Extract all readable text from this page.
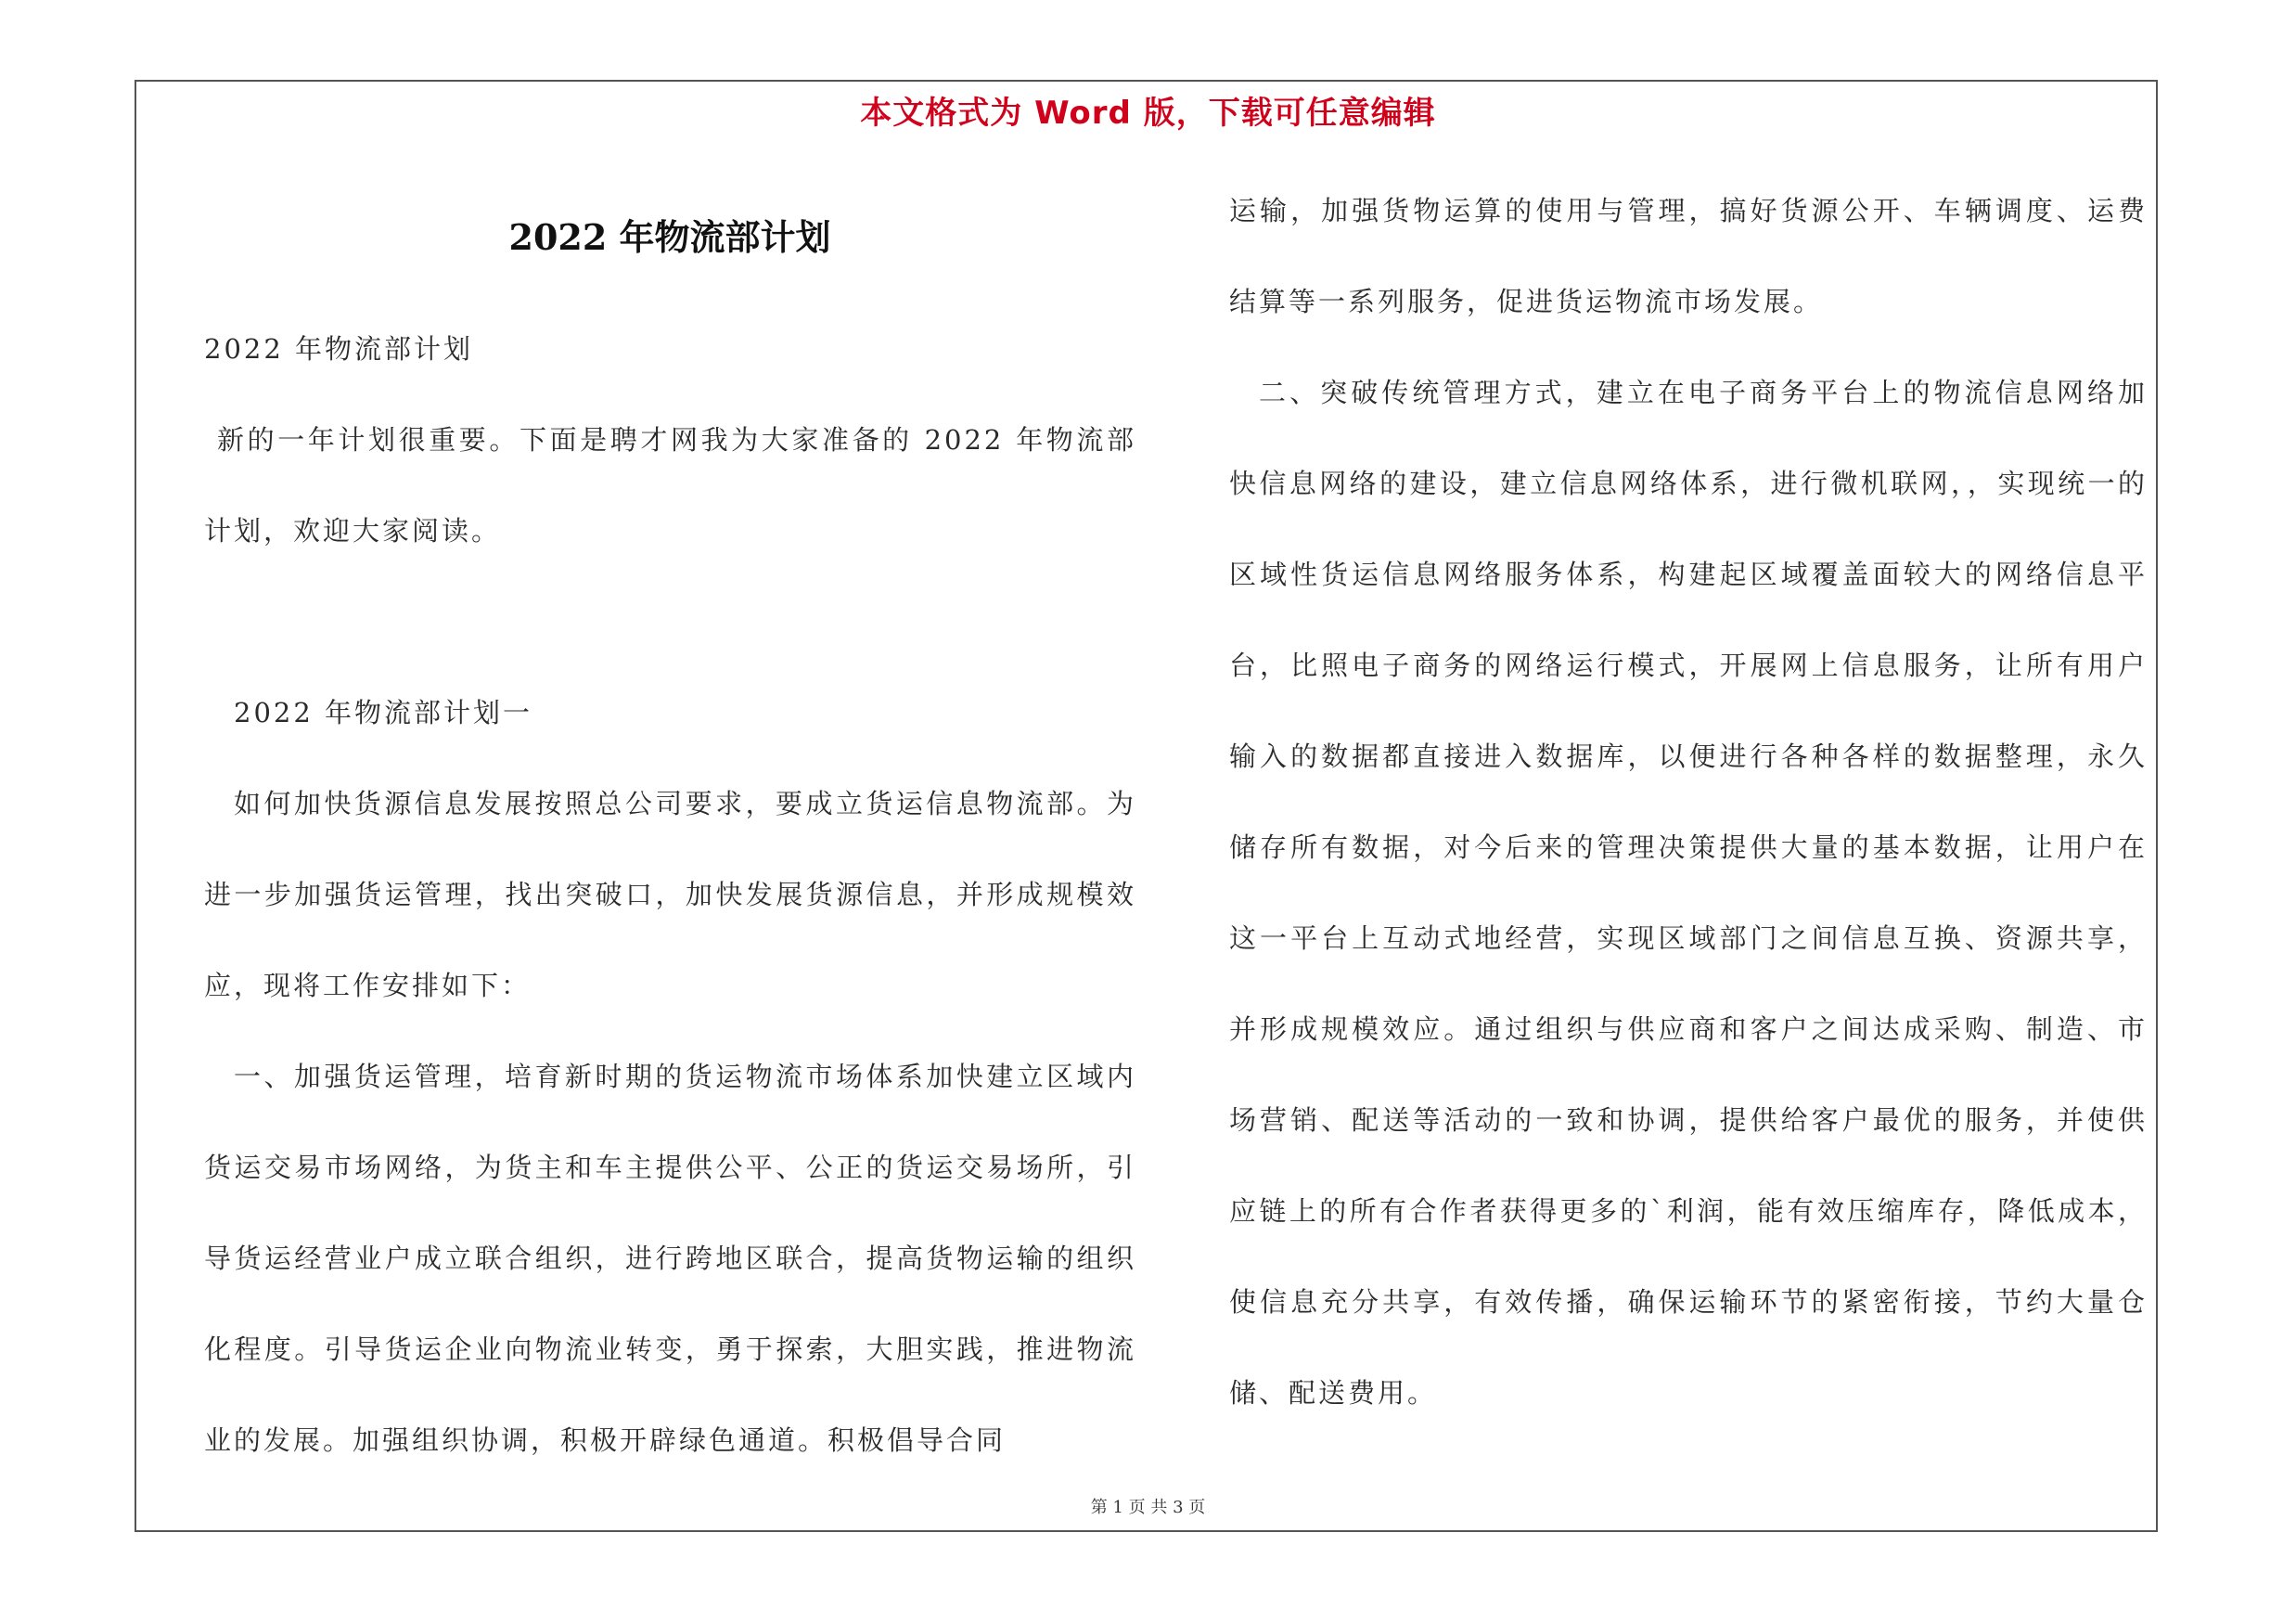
本文格式为 Word 版，下载可任意编辑
2022 年物流部计划

2022 年物流部计划

新的一年计划很重要。下面是聘才网我为大家准备的 2022 年物流部计划，欢迎大家阅读。

2022 年物流部计划一

如何加快货源信息发展按照总公司要求，要成立货运信息物流部。为进一步加强货运管理，找出突破口，加快发展货源信息，并形成规模效应，现将工作安排如下：

一、加强货运管理，培育新时期的货运物流市场体系加快建立区域内货运交易市场网络，为货主和车主提供公平、公正的货运交易场所，引导货运经营业户成立联合组织，进行跨地区联合，提高货物运输的组织化程度。引导货运企业向物流业转变，勇于探索，大胆实践，推进物流业的发展。加强组织协调，积极开辟绿色通道。积极倡导合同

运输，加强货物运算的使用与管理，搞好货源公开、车辆调度、运费结算等一系列服务，促进货运物流市场发展。

二、突破传统管理方式，建立在电子商务平台上的物流信息网络加快信息网络的建设，建立信息网络体系，进行微机联网，，实现统一的区域性货运信息网络服务体系，构建起区域覆盖面较大的网络信息平台，比照电子商务的网络运行模式，开展网上信息服务，让所有用户输入的数据都直接进入数据库，以便进行各种各样的数据整理，永久储存所有数据，对今后来的管理决策提供大量的基本数据，让用户在这一平台上互动式地经营，实现区域部门之间信息互换、资源共享，并形成规模效应。通过组织与供应商和客户之间达成采购、制造、市场营销、配送等活动的一致和协调，提供给客户最优的服务，并使供应链上的所有合作者获得更多的`利润，能有效压缩库存，降低成本，使信息充分共享，有效传播，确保运输环节的紧密衔接，节约大量仓储、配送费用。

第 1 页 共 3 页
